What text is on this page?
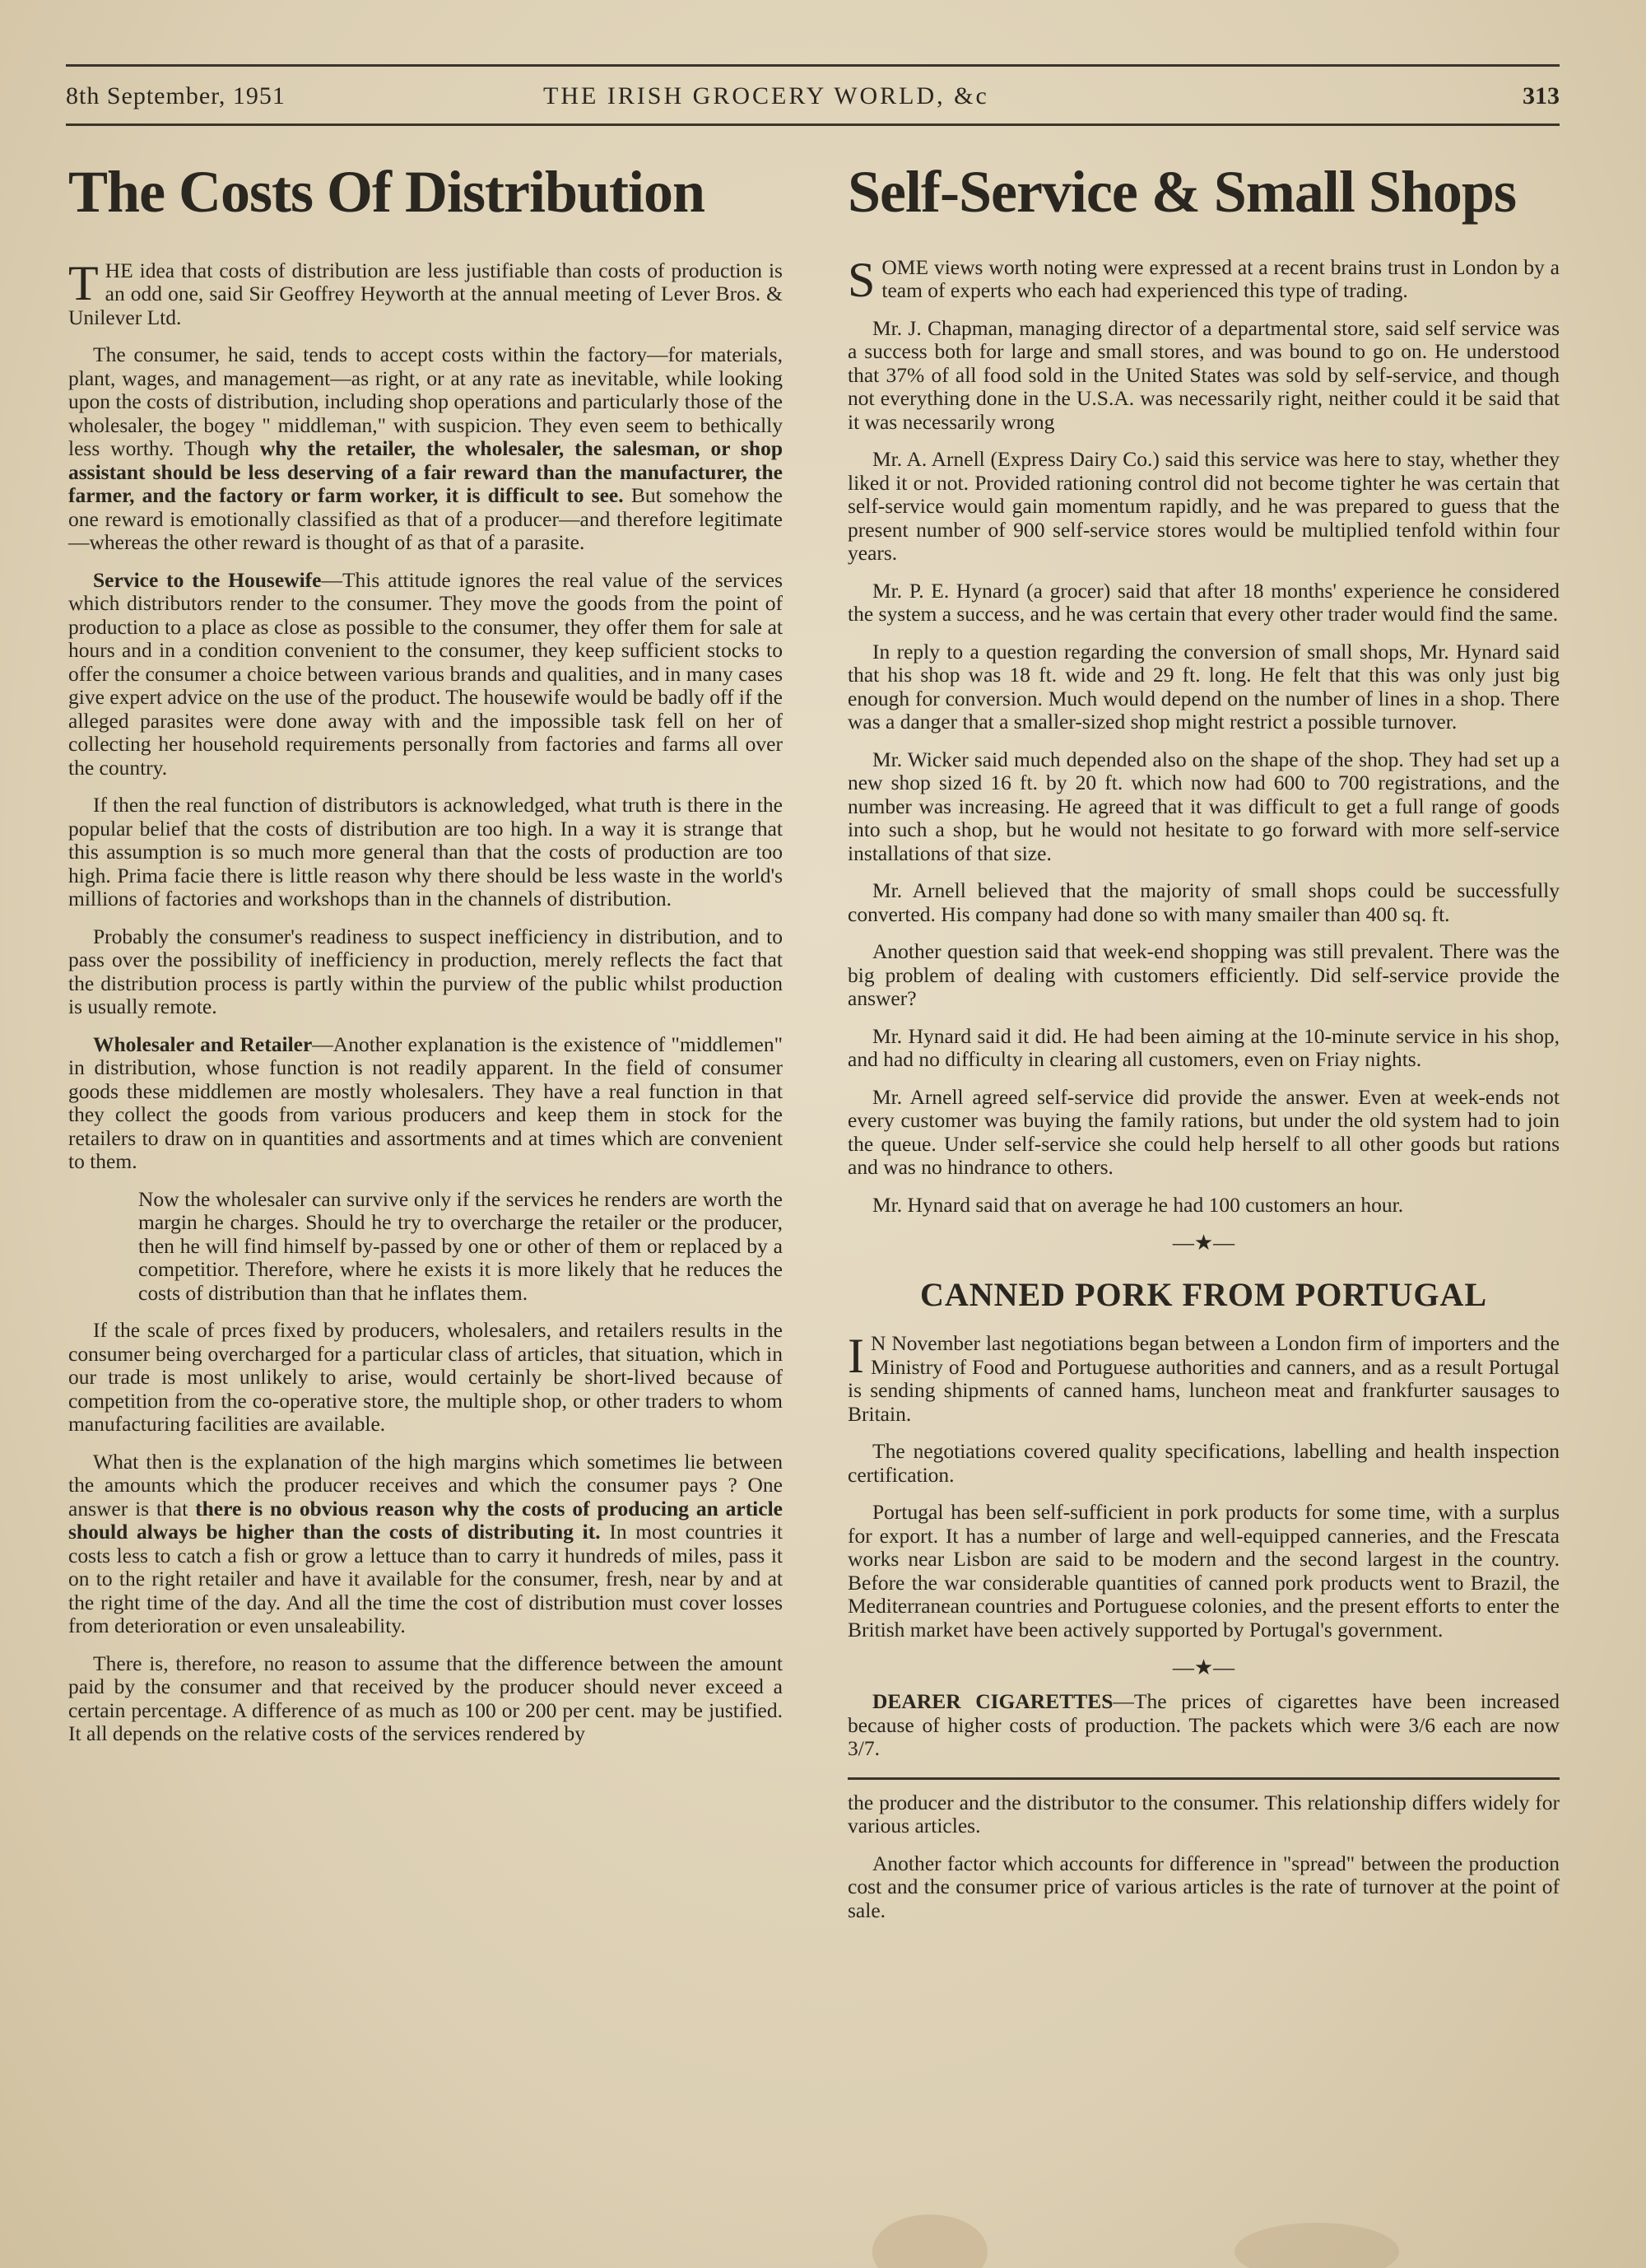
8th September, 1951	THE IRISH GROCERY WORLD, &c	313
The Costs Of Distribution

THE idea that costs of distribution are less justifiable than costs of production is an odd one, said Sir Geoffrey Heyworth at the annual meeting of Lever Bros. & Unilever Ltd.

The consumer, he said, tends to accept costs within the factory—for materials, plant, wages, and management—as right, or at any rate as inevitable, while looking upon the costs of distribution, including shop operations and particularly those of the wholesaler, the bogey " middleman," with suspicion. They even seem to bethically less worthy. Though why the retailer, the wholesaler, the salesman, or shop assistant should be less deserving of a fair reward than the manufacturer, the farmer, and the factory or farm worker, it is difficult to see. But somehow the one reward is emotionally classified as that of a producer—and therefore legitimate—whereas the other reward is thought of as that of a parasite.

Service to the Housewife—This attitude ignores the real value of the services which distributors render to the consumer. They move the goods from the point of production to a place as close as possible to the consumer, they offer them for sale at hours and in a condition convenient to the consumer, they keep sufficient stocks to offer the consumer a choice between various brands and qualities, and in many cases give expert advice on the use of the product. The housewife would be badly off if the alleged parasites were done away with and the impossible task fell on her of collecting her household requirements personally from factories and farms all over the country.

If then the real function of distributors is acknowledged, what truth is there in the popular belief that the costs of distribution are too high. In a way it is strange that this assumption is so much more general than that the costs of production are too high. Prima facie there is little reason why there should be less waste in the world's millions of factories and workshops than in the channels of distribution.

Probably the consumer's readiness to suspect inefficiency in distribution, and to pass over the possibility of inefficiency in production, merely reflects the fact that the distribution process is partly within the purview of the public whilst production is usually remote.

Wholesaler and Retailer—Another explanation is the existence of "middlemen" in distribution, whose function is not readily apparent. In the field of consumer goods these middlemen are mostly wholesalers. They have a real function in that they collect the goods from various producers and keep them in stock for the retailers to draw on in quantities and assortments and at times which are convenient to them.

Now the wholesaler can survive only if the services he renders are worth the margin he charges. Should he try to overcharge the retailer or the producer, then he will find himself by-passed by one or other of them or replaced by a competitior. Therefore, where he exists it is more likely that he reduces the costs of distribution than that he inflates them.

If the scale of prces fixed by producers, wholesalers, and retailers results in the consumer being overcharged for a particular class of articles, that situation, which in our trade is most unlikely to arise, would certainly be short-lived because of competition from the co-operative store, the multiple shop, or other traders to whom manufacturing facilities are available.

What then is the explanation of the high margins which sometimes lie between the amounts which the producer receives and which the consumer pays ? One answer is that there is no obvious reason why the costs of producing an article should always be higher than the costs of distributing it. In most countries it costs less to catch a fish or grow a lettuce than to carry it hundreds of miles, pass it on to the right retailer and have it available for the consumer, fresh, near by and at the right time of the day. And all the time the cost of distribution must cover losses from deterioration or even unsaleability.

There is, therefore, no reason to assume that the difference between the amount paid by the consumer and that received by the producer should never exceed a certain percentage. A difference of as much as 100 or 200 per cent. may be justified. It all depends on the relative costs of the services rendered by

Self-Service & Small Shops

SOME views worth noting were expressed at a recent brains trust in London by a team of experts who each had experienced this type of trading.

Mr. J. Chapman, managing director of a departmental store, said self service was a success both for large and small stores, and was bound to go on. He understood that 37% of all food sold in the United States was sold by self-service, and though not everything done in the U.S.A. was necessarily right, neither could it be said that it was necessarily wrong

Mr. A. Arnell (Express Dairy Co.) said this service was here to stay, whether they liked it or not. Provided rationing control did not become tighter he was certain that self-service would gain momentum rapidly, and he was prepared to guess that the present number of 900 self-service stores would be multiplied tenfold within four years.

Mr. P. E. Hynard (a grocer) said that after 18 months' experience he considered the system a success, and he was certain that every other trader would find the same.

In reply to a question regarding the conversion of small shops, Mr. Hynard said that his shop was 18 ft. wide and 29 ft. long. He felt that this was only just big enough for conversion. Much would depend on the number of lines in a shop. There was a danger that a smaller-sized shop might restrict a possible turnover.

Mr. Wicker said much depended also on the shape of the shop. They had set up a new shop sized 16 ft. by 20 ft. which now had 600 to 700 registrations, and the number was increasing. He agreed that it was difficult to get a full range of goods into such a shop, but he would not hesitate to go forward with more self-service installations of that size.

Mr. Arnell believed that the majority of small shops could be successfully converted. His company had done so with many smailer than 400 sq. ft.

Another question said that week-end shopping was still prevalent. There was the big problem of dealing with customers efficiently. Did self-service provide the answer?

Mr. Hynard said it did. He had been aiming at the 10-minute service in his shop, and had no difficulty in clearing all customers, even on Friay nights.

Mr. Arnell agreed self-service did provide the answer. Even at week-ends not every customer was buying the family rations, but under the old system had to join the queue. Under self-service she could help herself to all other goods but rations and was no hindrance to others.

Mr. Hynard said that on average he had 100 customers an hour.

—★—
CANNED PORK FROM PORTUGAL

I N November last negotiations began between a London firm of importers and the Ministry of Food and Portuguese authorities and canners, and as a result Portugal is sending shipments of canned hams, luncheon meat and frankfurter sausages to Britain.

The negotiations covered quality specifications, labelling and health inspection certification.

Portugal has been self-sufficient in pork products for some time, with a surplus for export. It has a number of large and well-equipped canneries, and the Frescata works near Lisbon are said to be modern and the second largest in the country. Before the war considerable quantities of canned pork products went to Brazil, the Mediterranean countries and Portuguese colonies, and the present efforts to enter the British market have been actively supported by Portugal's government.

—★—

DEARER CIGARETTES—The prices of cigarettes have been increased because of higher costs of production. The packets which were 3/6 each are now 3/7.

the producer and the distributor to the consumer. This relationship differs widely for various articles.

Another factor which accounts for difference in "spread" between the production cost and the consumer price of various articles is the rate of turnover at the point of sale.
